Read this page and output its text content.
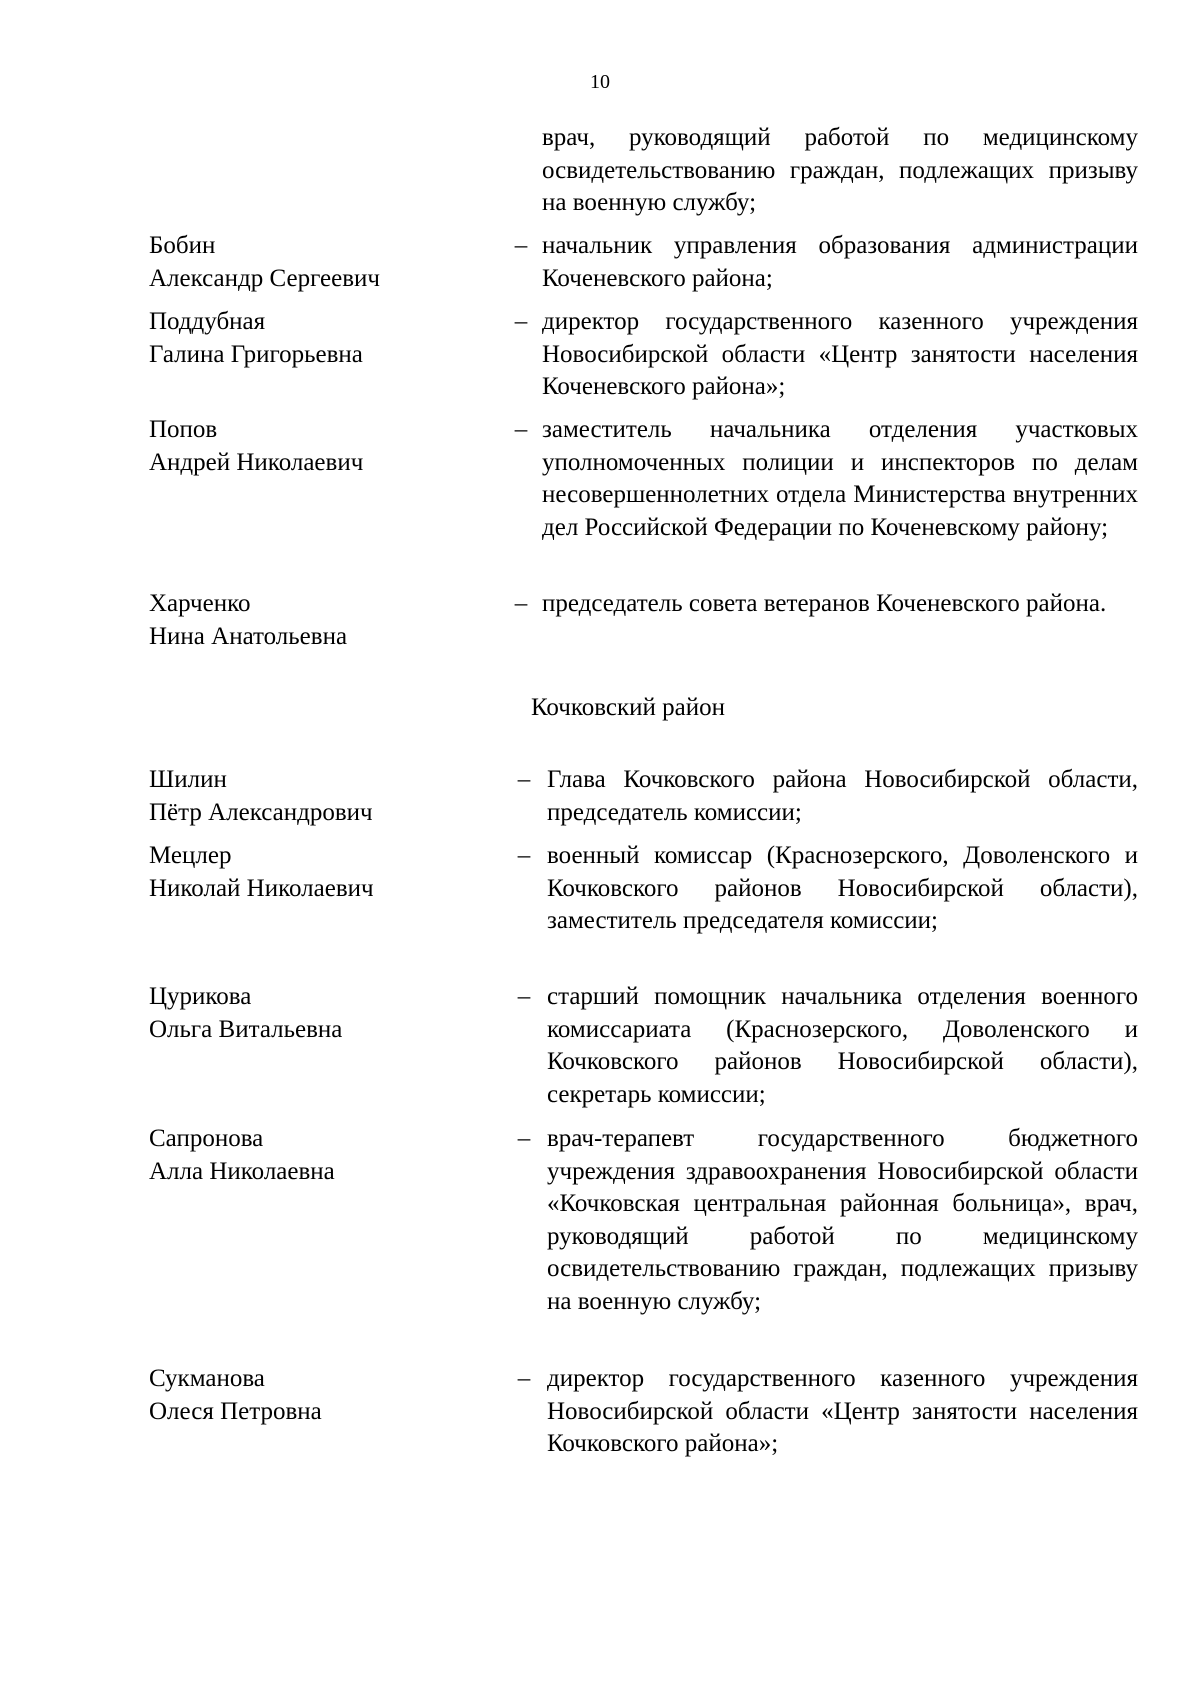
10
врач, руководящий работой по медицинскому освидетельствованию граждан, подлежащих призыву на военную службу;
Бобин
Александр Сергеевич
– начальник управления образования администрации Коченевского района;
Поддубная
Галина Григорьевна
– директор государственного казенного учреждения Новосибирской области «Центр занятости населения Коченевского района»;
Попов
Андрей Николаевич
– заместитель начальника отделения участковых уполномоченных полиции и инспекторов по делам несовершеннолетних отдела Министерства внутренних дел Российской Федерации по Коченевскому району;
Харченко
Нина Анатольевна
– председатель совета ветеранов Коченевского района.
Кочковский район
Шилин
Пётр Александрович
– Глава Кочковского района Новосибирской области, председатель комиссии;
Мецлер
Николай Николаевич
– военный комиссар (Краснозерского, Доволенского и Кочковского районов Новосибирской области), заместитель председателя комиссии;
Цурикова
Ольга Витальевна
– старший помощник начальника отделения военного комиссариата (Краснозерского, Доволенского и Кочковского районов Новосибирской области), секретарь комиссии;
Сапронова
Алла Николаевна
– врач-терапевт государственного бюджетного учреждения здравоохранения Новосибирской области «Кочковская центральная районная больница», врач, руководящий работой по медицинскому освидетельствованию граждан, подлежащих призыву на военную службу;
Сукманова
Олеся Петровна
– директор государственного казенного учреждения Новосибирской области «Центр занятости населения Кочковского района»;
